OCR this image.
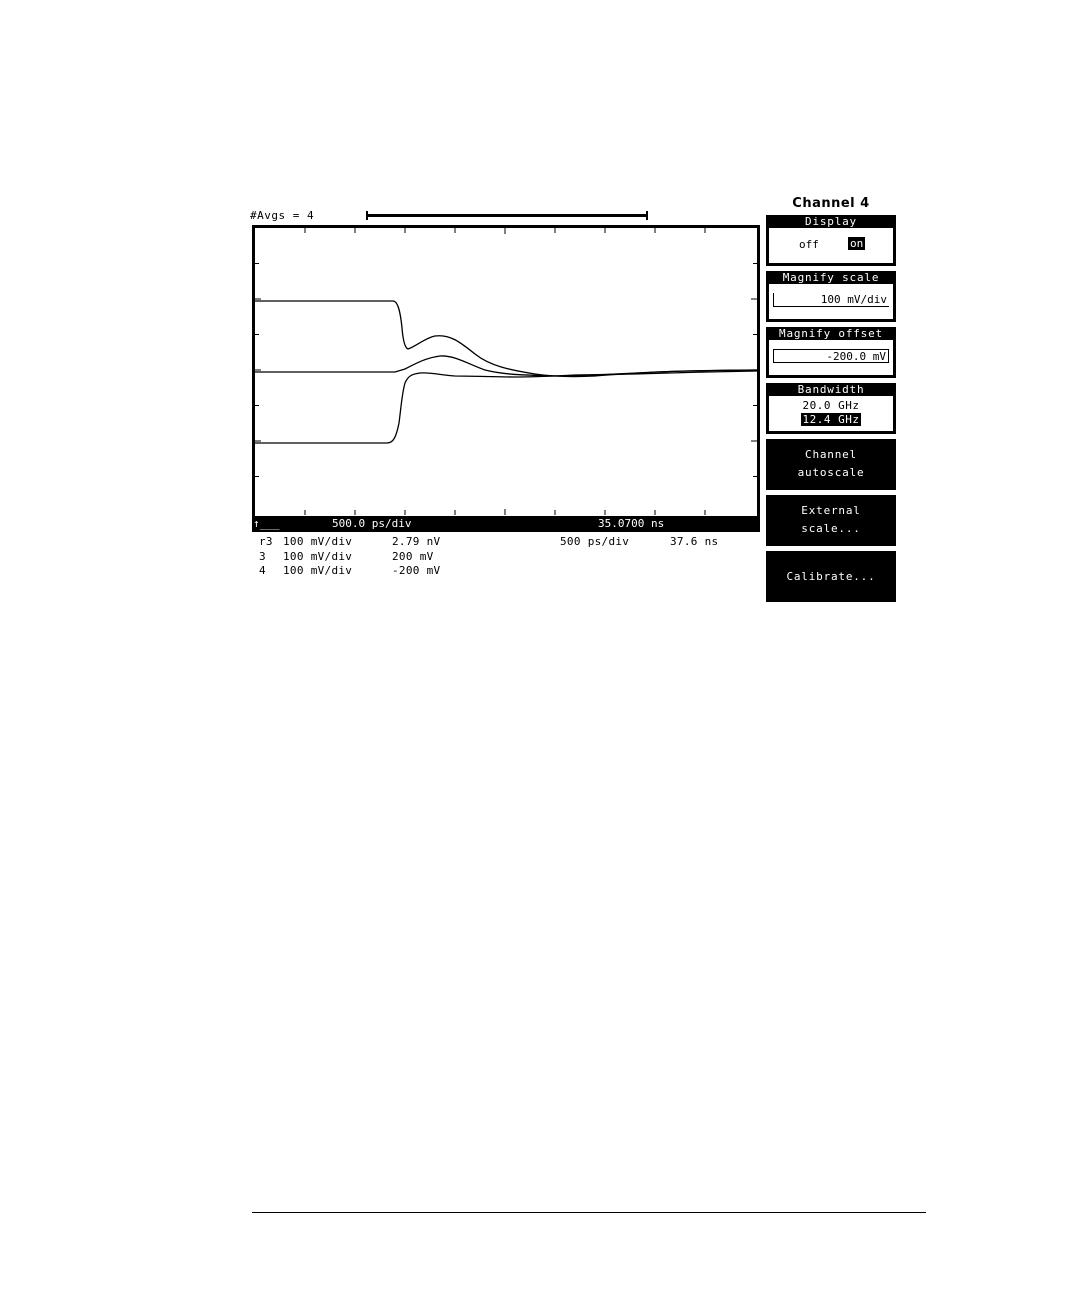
#Avgs = 4
↑___	500.0 ps/div	35.0700 ns
r3 100 mV/div	2.79 nV	500 ps/div	37.6 ns
3 100 mV/div	200 mV
4 100 mV/div	-200 mV
Channel 4
Display
off	on
Magnify scale
100 mV/div
Magnify offset
-200.0 mV
Bandwidth
20.0 GHz
12.4 GHz
Channel
autoscale
External
scale...
Calibrate...
